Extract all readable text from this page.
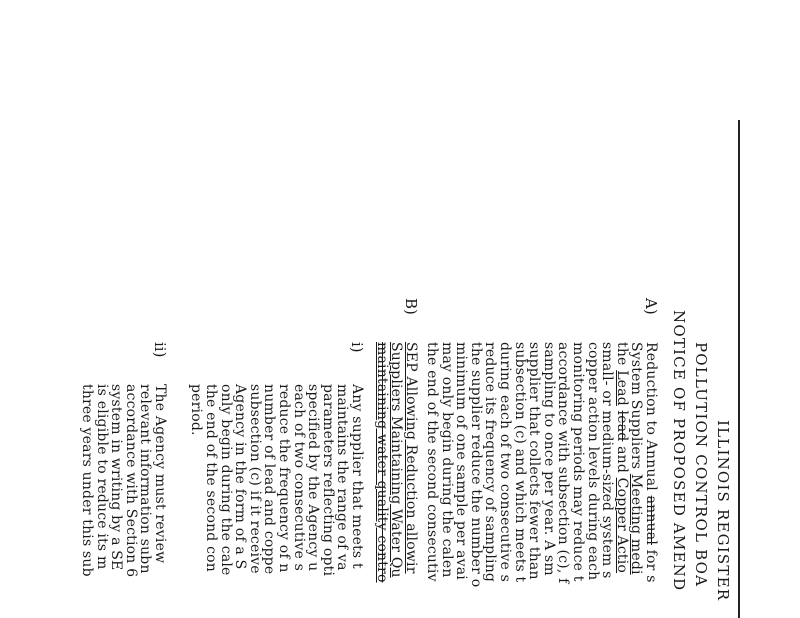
ILLINOIS REGISTER
POLLUTION CONTROL BOA
NOTICE OF PROPOSED AMEND
A)
Reduction to Annual annual for s
System Suppliers Meeting medi
the Lead lead and Copper Actio
small- or medium-sized system s
copper action levels during each
monitoring periods may reduce t
accordance with subsection (c), f
sampling to once per year. A sm
supplier that collects fewer than
subsection (c) and which meets t
during each of two consecutive s
reduce its frequency of sampling
the supplier reduce the number o
minimum of one sample per avai
may only begin during the calen
the end of the second consecutiv
B)
SEP Allowing Reduction allowir
Suppliers Maintaining Water Qu
maintaining water quality contro
i)
Any supplier that meets t
maintains the range of va
parameters reflecting opti
specified by the Agency u
each of two consecutive s
reduce the frequency of n
number of lead and coppe
subsection (c) if it receive
Agency in the form of a S
only begin during the cale
the end of the second con
period.
ii)
The Agency must review
relevant information subn
accordance with Section 6
system in writing by a SE
is eligible to reduce its m
three years under this sub
